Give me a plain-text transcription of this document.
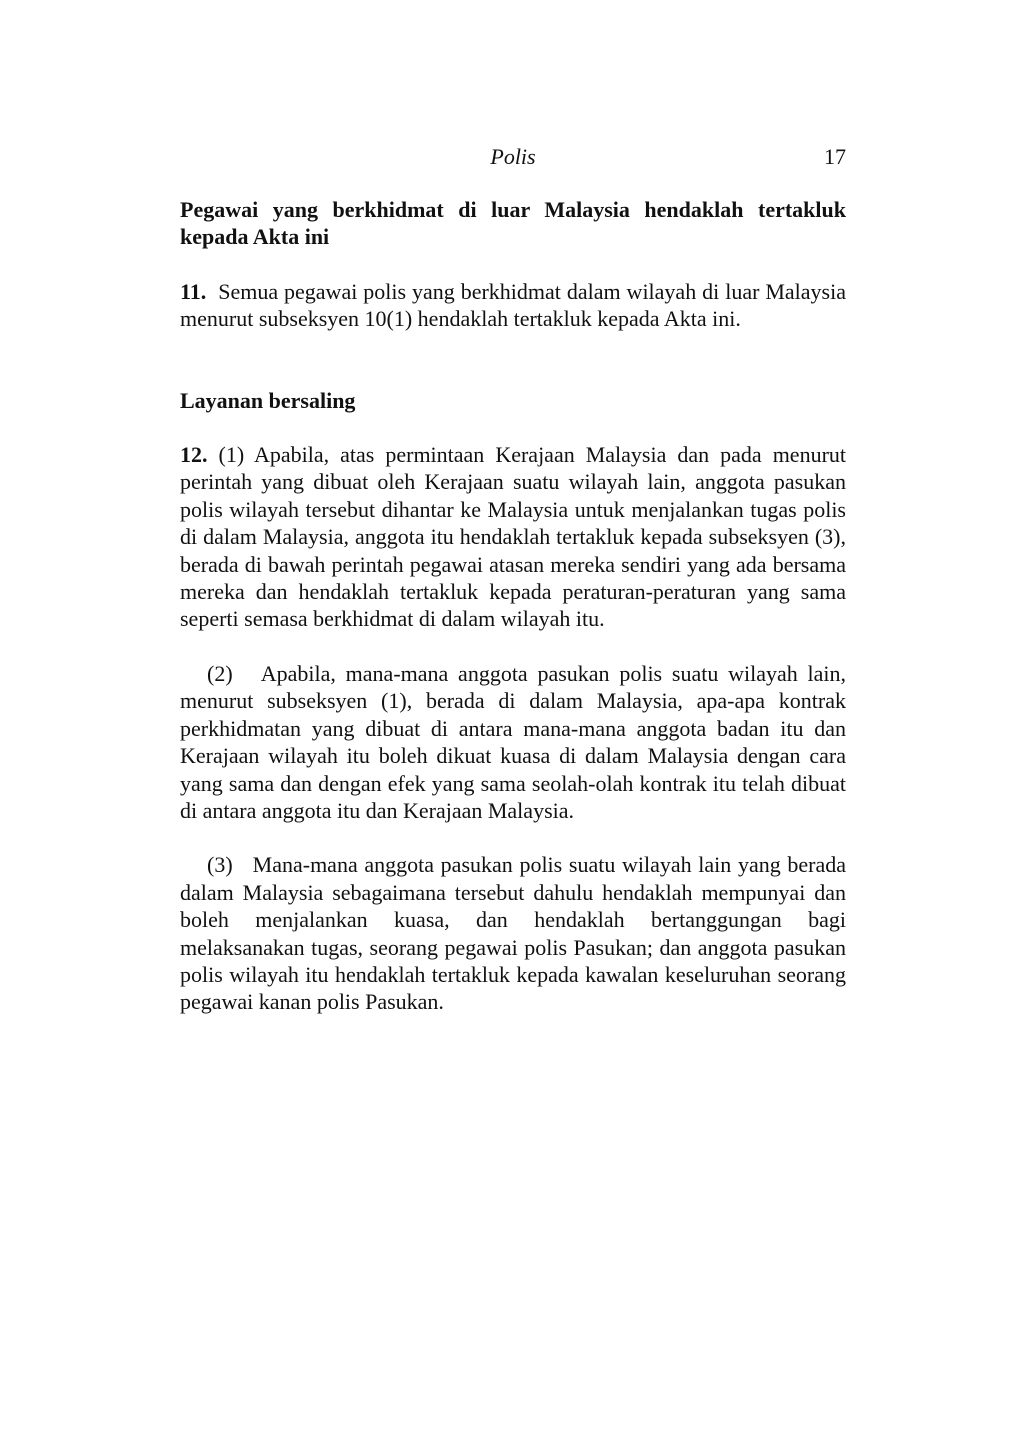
Polis	17

Pegawai yang berkhidmat di luar Malaysia hendaklah tertakluk kepada Akta ini

11. Semua pegawai polis yang berkhidmat dalam wilayah di luar Malaysia menurut subseksyen 10(1) hendaklah tertakluk kepada Akta ini.

Layanan bersaling

12. (1) Apabila, atas permintaan Kerajaan Malaysia dan pada menurut perintah yang dibuat oleh Kerajaan suatu wilayah lain, anggota pasukan polis wilayah tersebut dihantar ke Malaysia untuk menjalankan tugas polis di dalam Malaysia, anggota itu hendaklah tertakluk kepada subseksyen (3), berada di bawah perintah pegawai atasan mereka sendiri yang ada bersama mereka dan hendaklah tertakluk kepada peraturan-peraturan yang sama seperti semasa berkhidmat di dalam wilayah itu.

(2) Apabila, mana-mana anggota pasukan polis suatu wilayah lain, menurut subseksyen (1), berada di dalam Malaysia, apa-apa kontrak perkhidmatan yang dibuat di antara mana-mana anggota badan itu dan Kerajaan wilayah itu boleh dikuat kuasa di dalam Malaysia dengan cara yang sama dan dengan efek yang sama seolah-olah kontrak itu telah dibuat di antara anggota itu dan Kerajaan Malaysia.

(3) Mana-mana anggota pasukan polis suatu wilayah lain yang berada dalam Malaysia sebagaimana tersebut dahulu hendaklah mempunyai dan boleh menjalankan kuasa, dan hendaklah bertanggungan bagi melaksanakan tugas, seorang pegawai polis Pasukan; dan anggota pasukan polis wilayah itu hendaklah tertakluk kepada kawalan keseluruhan seorang pegawai kanan polis Pasukan.
